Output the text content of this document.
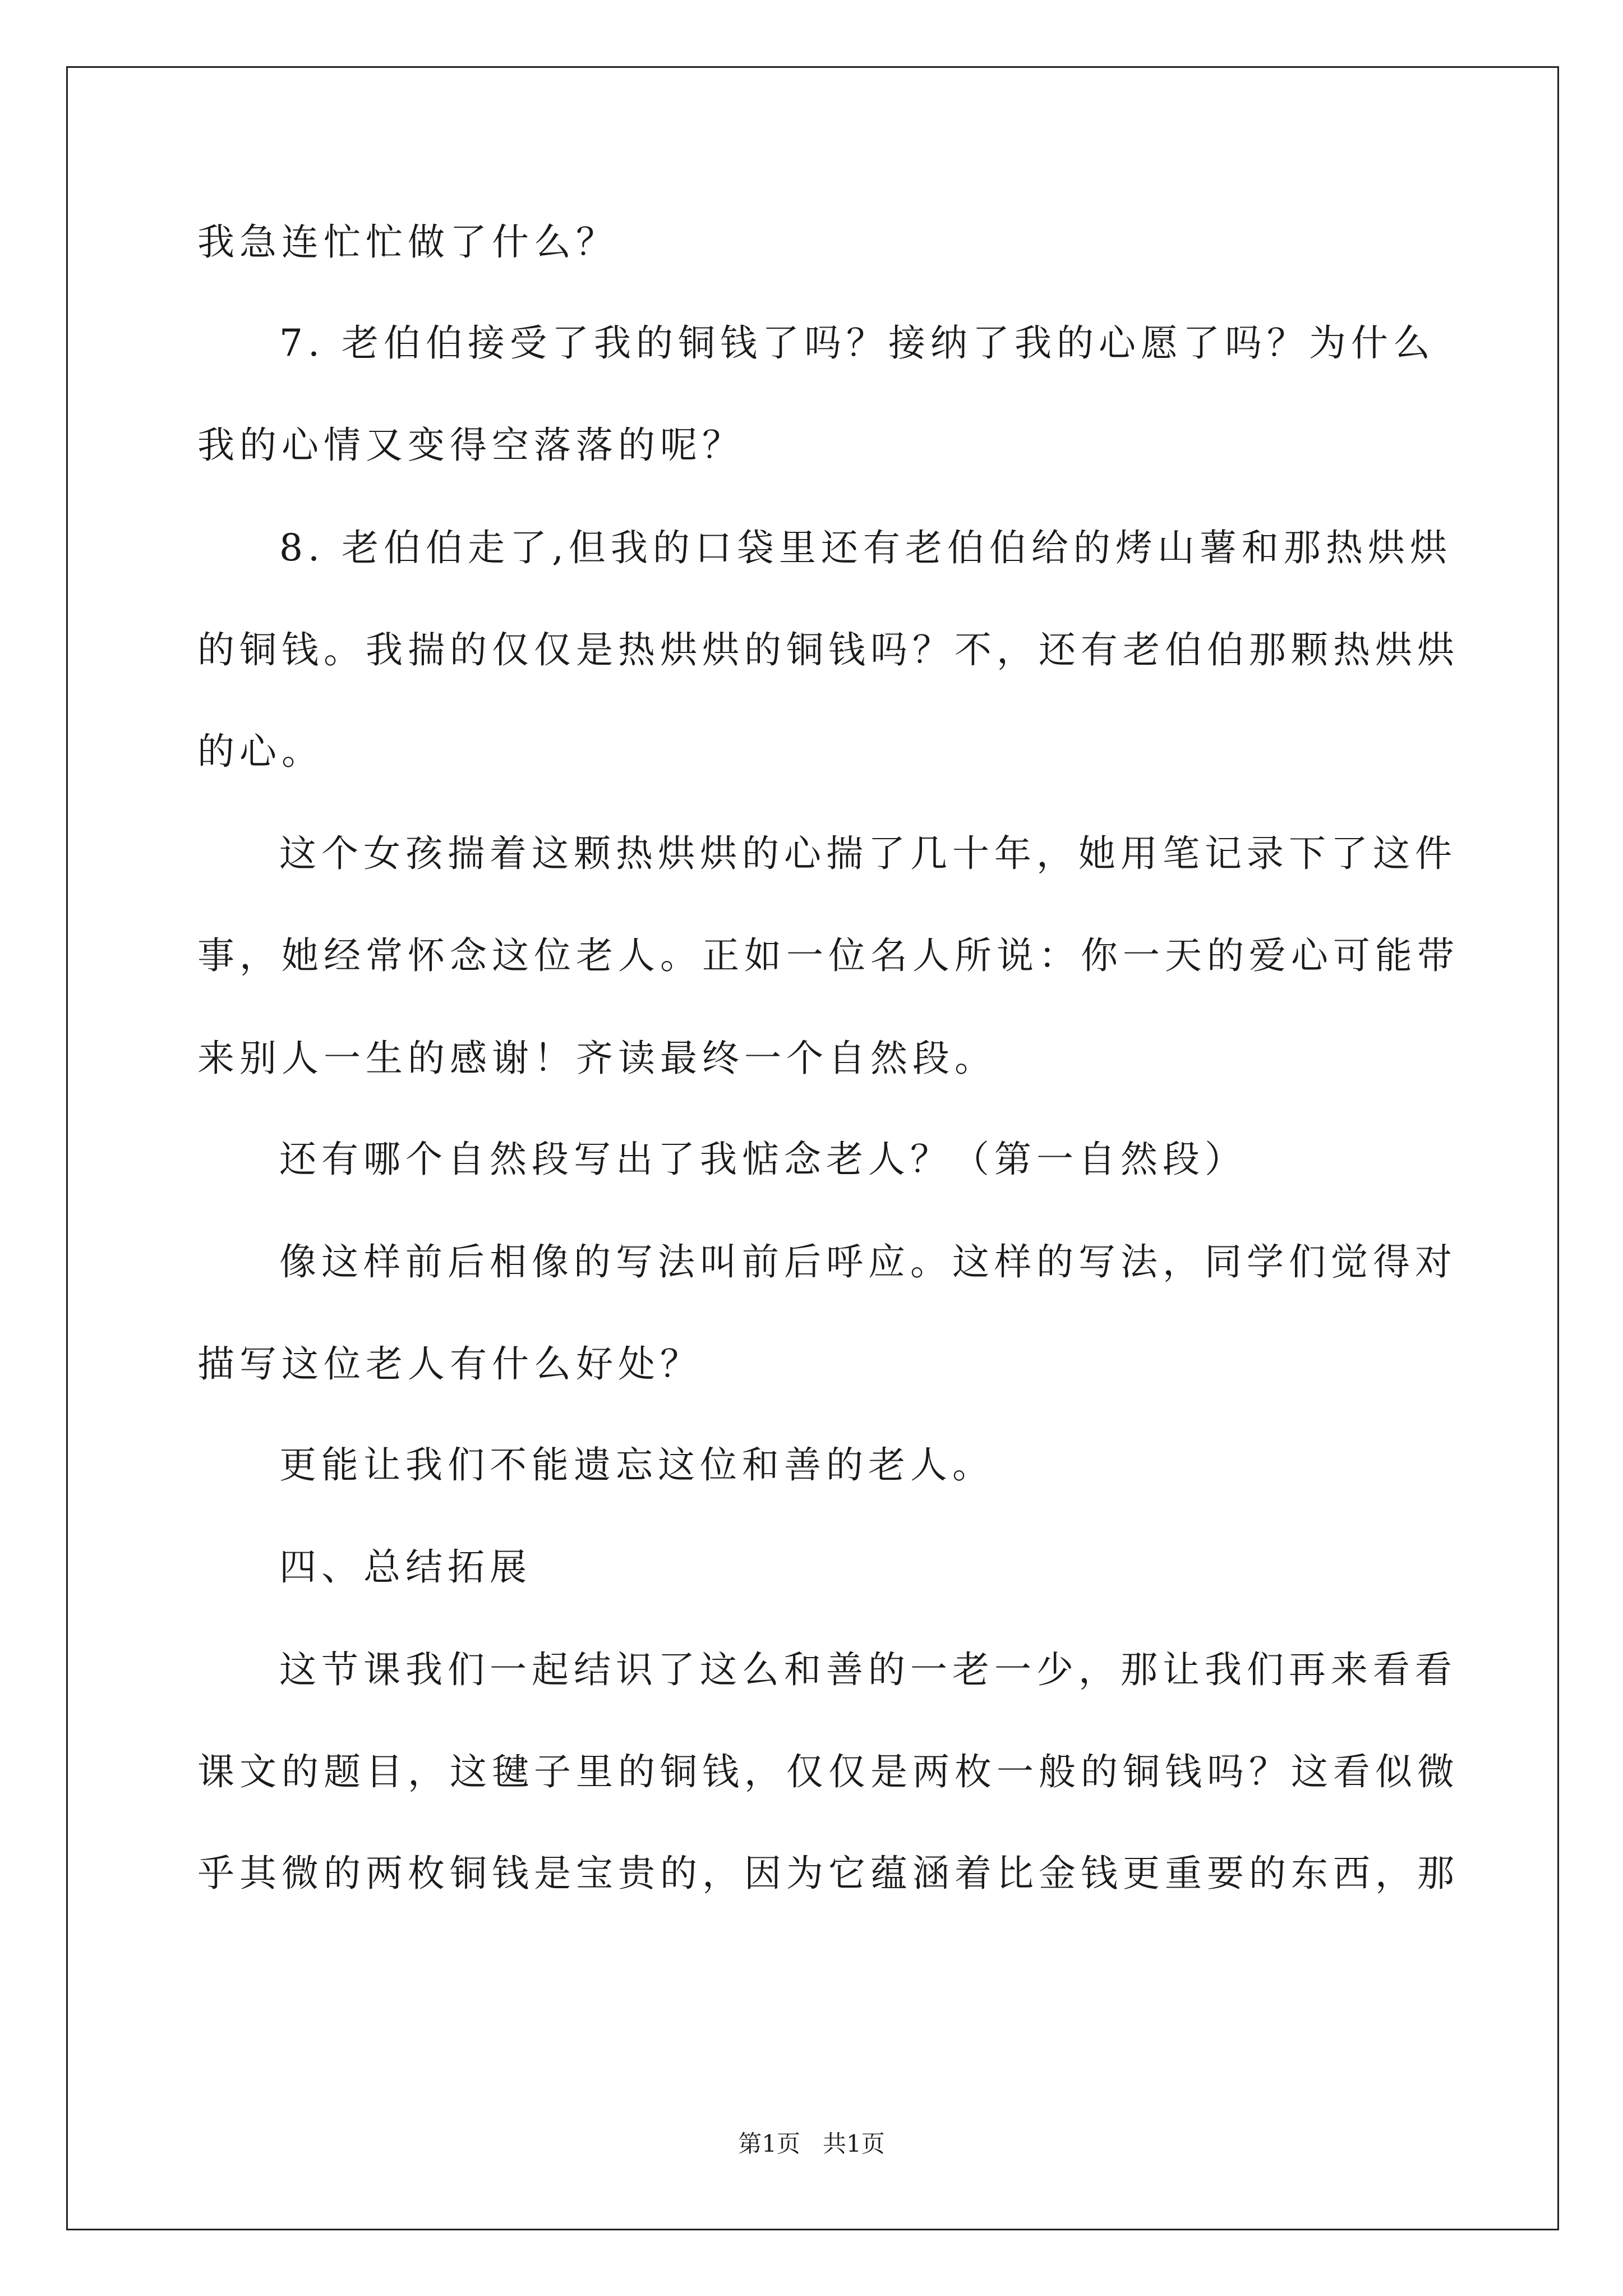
我急连忙忙做了什么？
7. 老伯伯接受了我的铜钱了吗？接纳了我的心愿了吗？为什么
我的心情又变得空落落的呢？
8. 老伯伯走了,但我的口袋里还有老伯伯给的烤山薯和那热烘烘
的铜钱。我揣的仅仅是热烘烘的铜钱吗？不，还有老伯伯那颗热烘烘
的心。
这个女孩揣着这颗热烘烘的心揣了几十年，她用笔记录下了这件
事，她经常怀念这位老人。正如一位名人所说：你一天的爱心可能带
来别人一生的感谢！齐读最终一个自然段。
还有哪个自然段写出了我惦念老人？（第一自然段）
像这样前后相像的写法叫前后呼应。这样的写法，同学们觉得对
描写这位老人有什么好处？
更能让我们不能遗忘这位和善的老人。
四、总结拓展
这节课我们一起结识了这么和善的一老一少，那让我们再来看看
课文的题目，这毽子里的铜钱，仅仅是两枚一般的铜钱吗？这看似微
乎其微的两枚铜钱是宝贵的，因为它蕴涵着比金钱更重要的东西，那
第1页   共1页
